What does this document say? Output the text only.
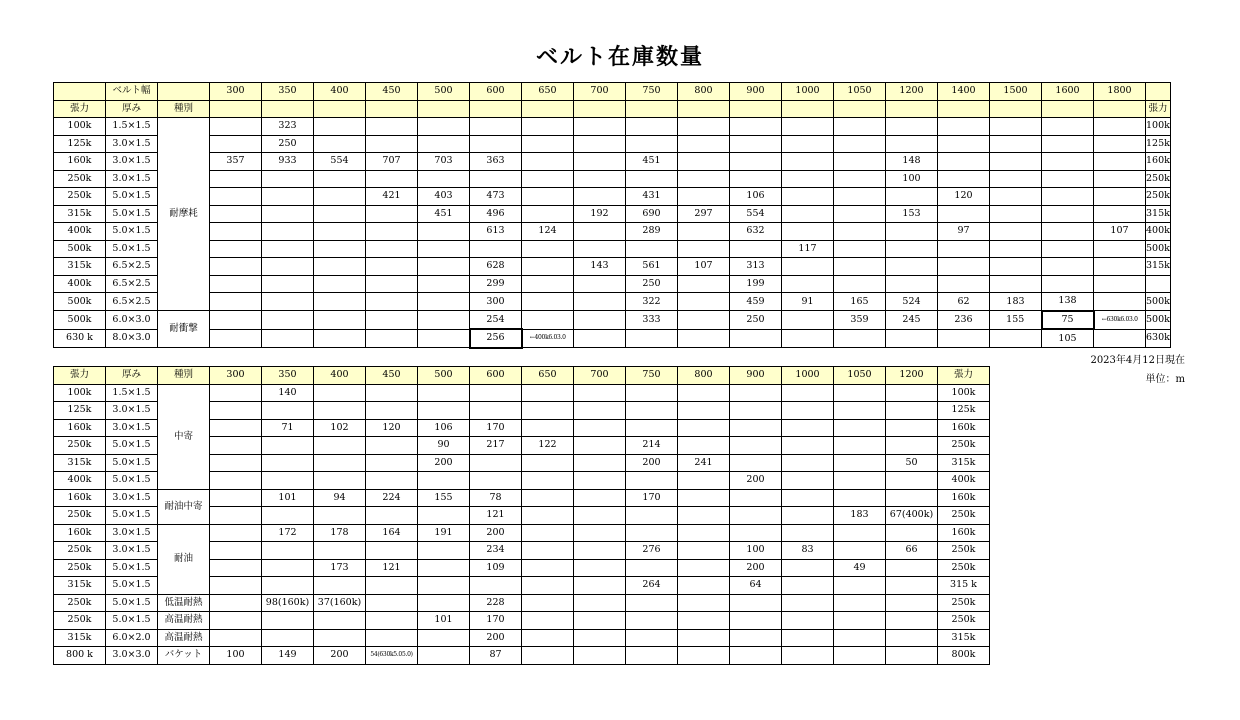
ベルト在庫数量
	ベルト幅		300	350	400	450	500	600	650	700	750	800	900	1000	1050	1200	1400	1500	1600	1800	
張力	厚み	種別																			張力
100k	1.5×1.5	耐摩耗		323																	100k
125k	3.0×1.5			250																	125k
160k	3.0×1.5		357	933	554	707	703	363			451					148					160k
250k	3.0×1.5															100					250k
250k	5.0×1.5					421	403	473			431		106				120				250k
315k	5.0×1.5						451	496		192	690	297	554			153					315k
400k	5.0×1.5							613	124		289		632				97			107	400k
500k	5.0×1.5													117							500k
315k	6.5×2.5							628		143	561	107	313								315k
400k	6.5×2.5							299			250		199								
500k	6.5×2.5							300			322		459	91	165	524	62	183	138		500k
500k	6.0×3.0	耐衝撃						254			333		250		359	245	236	155	75	←630k6.03.0	500k
630 k	8.0×3.0							256	←400k6.03.0										105		630k
2023年4月12日現在
単位：m
張力	厚み	種別	300	350	400	450	500	600	650	700	750	800	900	1000	1050	1200	張力
100k	1.5×1.5	中寄		140													100k
125k	3.0×1.5																125k
160k	3.0×1.5			71	102	120	106	170									160k
250k	5.0×1.5						90	217	122		214						250k
315k	5.0×1.5						200				200	241				50	315k
400k	5.0×1.5												200				400k
160k	3.0×1.5	耐油中寄		101	94	224	155	78			170						160k
250k	5.0×1.5							121							183	67(400k)	250k
160k	3.0×1.5	耐油		172	178	164	191	200									160k
250k	3.0×1.5							234			276		100	83		66	250k
250k	5.0×1.5				173	121		109					200		49		250k
315k	5.0×1.5										264		64				315 k
250k	5.0×1.5	低温耐熱		98(160k)	37(160k)			228									250k
250k	5.0×1.5	高温耐熱					101	170									250k
315k	6.0×2.0	高温耐熱						200									315k
800 k	3.0×3.0	バケット	100	149	200	54(630k5.05.0)		87									800k
